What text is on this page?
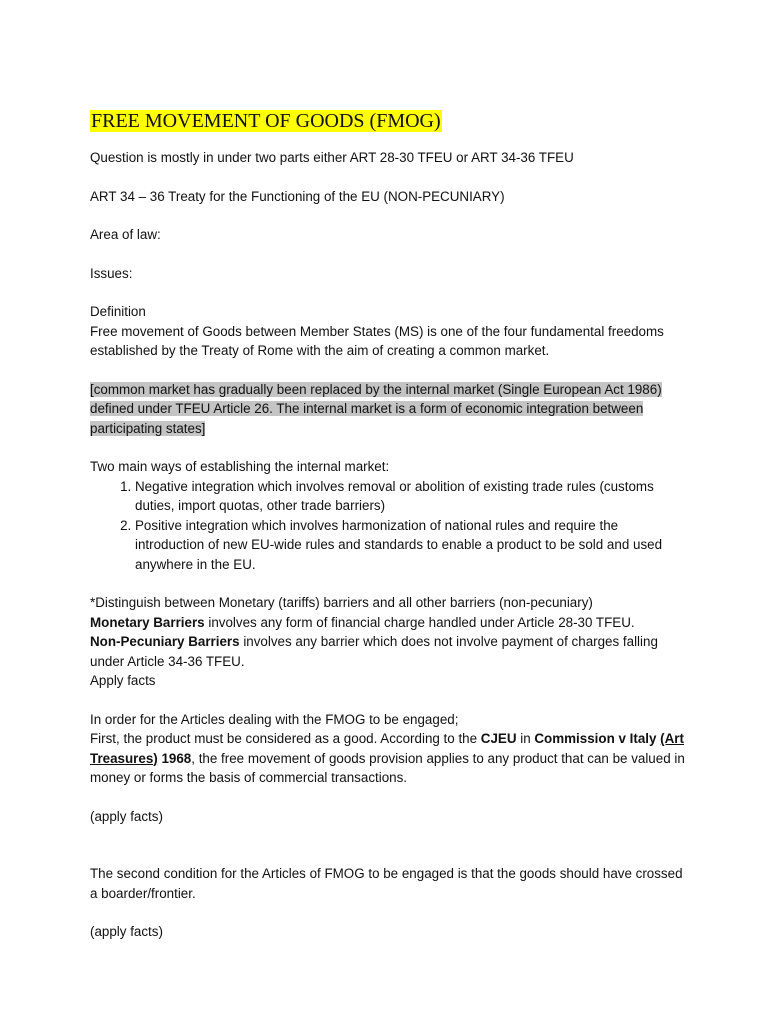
FREE MOVEMENT OF GOODS (FMOG)

Question is mostly in under two parts either ART 28-30 TFEU or ART 34-36 TFEU

ART 34 – 36 Treaty for the Functioning of the EU (NON-PECUNIARY)

Area of law:

Issues:

Definition

Free movement of Goods between Member States (MS) is one of the four fundamental freedoms established by the Treaty of Rome with the aim of creating a common market.

[common market has gradually been replaced by the internal market (Single European Act 1986) defined under TFEU Article 26. The internal market is a form of economic integration between participating states]

Two main ways of establishing the internal market:

1. Negative integration which involves removal or abolition of existing trade rules (customs duties, import quotas, other trade barriers)
2. Positive integration which involves harmonization of national rules and require the introduction of new EU-wide rules and standards to enable a product to be sold and used anywhere in the EU.

*Distinguish between Monetary (tariffs) barriers and all other barriers (non-pecuniary)

Monetary Barriers involves any form of financial charge handled under Article 28-30 TFEU.

Non-Pecuniary Barriers involves any barrier which does not involve payment of charges falling under Article 34-36 TFEU.

Apply facts

In order for the Articles dealing with the FMOG to be engaged;

First, the product must be considered as a good. According to the CJEU in Commission v Italy (Art Treasures) 1968, the free movement of goods provision applies to any product that can be valued in money or forms the basis of commercial transactions.

(apply facts)

The second condition for the Articles of FMOG to be engaged is that the goods should have crossed a boarder/frontier.

(apply facts)
